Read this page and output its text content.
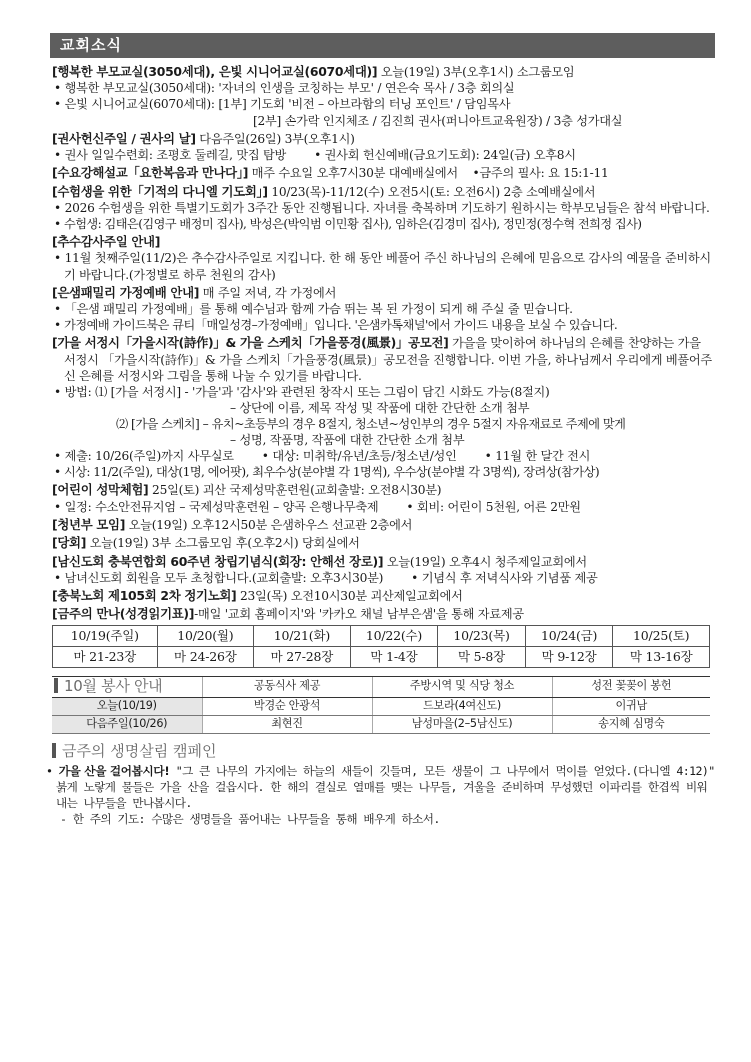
교회소식
[행복한 부모교실(3050세대), 은빛 시니어교실(6070세대)] 오늘(19일) 3부(오후1시) 소그룹모임
• 행복한 부모교실(3050세대): '자녀의 인생을 코칭하는 부모' / 연은숙 목사 / 3층 회의실
• 은빛 시니어교실(6070세대): [1부] 기도회 '비전 – 아브라함의 터닝 포인트' / 담임목사
[2부] 손가락 인지체조 / 김진희 권사(퍼니아트교육원장) / 3층 성가대실
[권사헌신주일 / 권사의 날] 다음주일(26일) 3부(오후1시)
• 권사 일일수련회: 조평호 둘레길, 맛집 탐방 • 권사회 헌신예배(금요기도회): 24일(금) 오후8시
[수요강해설교「요한복음과 만나다」] 매주 수요일 오후7시30분 대예배실에서 •금주의 필사: 요 15:1-11
[수험생을 위한「기적의 다니엘 기도회」] 10/23(목)-11/12(수) 오전5시(토: 오전6시) 2층 소예배실에서
• 2026 수험생을 위한 특별기도회가 3주간 동안 진행됩니다. 자녀를 축복하며 기도하기 원하시는 학부모님들은 참석 바랍니다.
• 수험생: 김태은(김영구 배정미 집사), 박성은(박익범 이민황 집사), 임하은(김경미 집사), 정민정(정수혁 전희정 집사)
[추수감사주일 안내]
• 11월 첫째주일(11/2)은 추수감사주일로 지킵니다. 한 해 동안 베풀어 주신 하나님의 은혜에 믿음으로 감사의 예물을 준비하시기 바랍니다.(가정별로 하루 천원의 감사)
[은샘패밀리 가정예배 안내] 매 주일 저녁, 각 가정에서
• 「은샘 패밀리 가정예배」를 통해 예수님과 함께 가슴 뛰는 복 된 가정이 되게 해 주실 줄 믿습니다.
• 가정예배 가이드북은 큐티「매일성경–가정예배」입니다. '은샘카톡채널'에서 가이드 내용을 보실 수 있습니다.
[가을 서정시「가을시작(詩作)」& 가을 스케치「가을풍경(風景)」공모전] 가을을 맞이하여 하나님의 은혜를 찬양하는 가을 서정시 「가을시작(詩作)」& 가을 스케치「가을풍경(風景)」공모전을 진행합니다. 이번 가을, 하나님께서 우리에게 베풀어주신 은혜를 서정시와 그림을 통해 나눌 수 있기를 바랍니다.
• 방법: ⑴ [가을 서정시] - '가을'과 '감사'와 관련된 창작시 또는 그림이 담긴 시화도 가능(8절지)
– 상단에 이름, 제목 작성 및 작품에 대한 간단한 소개 첨부
⑵ [가을 스케치] – 유치~초등부의 경우 8절지, 청소년~성인부의 경우 5절지 자유재료로 주제에 맞게
– 성명, 작품명, 작품에 대한 간단한 소개 첨부
• 제출: 10/26(주일)까지 사무실로 • 대상: 미취학/유년/초등/청소년/성인 • 11월 한 달간 전시
• 시상: 11/2(주일), 대상(1명, 에어팟), 최우수상(분야별 각 1명씩), 우수상(분야별 각 3명씩), 장려상(참가상)
[어린이 성막체험] 25일(토) 괴산 국제성막훈련원(교회출발: 오전8시30분)
• 일정: 수소안전뮤지엄 – 국제성막훈련원 – 양곡 은행나무축제 • 회비: 어린이 5천원, 어른 2만원
[청년부 모임] 오늘(19일) 오후12시50분 은샘하우스 선교관 2층에서
[당회] 오늘(19일) 3부 소그룹모임 후(오후2시) 당회실에서
[남신도회 충북연합회 60주년 창립기념식(회장: 안해선 장로)] 오늘(19일) 오후4시 청주제일교회에서
• 남녀신도회 회원을 모두 초청합니다.(교회출발: 오후3시30분) • 기념식 후 저녁식사와 기념품 제공
[충북노회 제105회 2차 정기노회] 23일(목) 오전10시30분 괴산제일교회에서
[금주의 만나(성경읽기표)]-매일 '교회 홈페이지'와 '카카오 채널 남부은샘'을 통해 자료제공
10/19(주일)	10/20(월)	10/21(화)	10/22(수)	10/23(목)	10/24(금)	10/25(토)
마 21-23장	마 24-26장	마 27-28장	막 1-4장	막 5-8장	막 9-12장	막 13-16장
10월 봉사 안내	공동식사 제공	주방시역 및 식당 청소	성전 꽃꽂이 봉헌
오늘(10/19)	박경순 안광석	드보라(4여신도)	이귀남
다음주일(10/26)	최현진	남성마을(2–5남신도)	송지혜 심명숙
금주의 생명살림 캠페인
• 가을 산을 걸어봅시다! "그 큰 나무의 가지에는 하늘의 새들이 깃들며, 모든 생물이 그 나무에서 먹이를 얻었다.(다니엘 4:12)" 붉게 노랗게 물들은 가을 산을 걸읍시다. 한 해의 결실로 열매를 맺는 나무들, 겨울을 준비하며 무성했던 이파리를 한겹씩 비워내는 나무들을 만나봅시다.
- 한 주의 기도: 수많은 생명들을 품어내는 나무들을 통해 배우게 하소서.
